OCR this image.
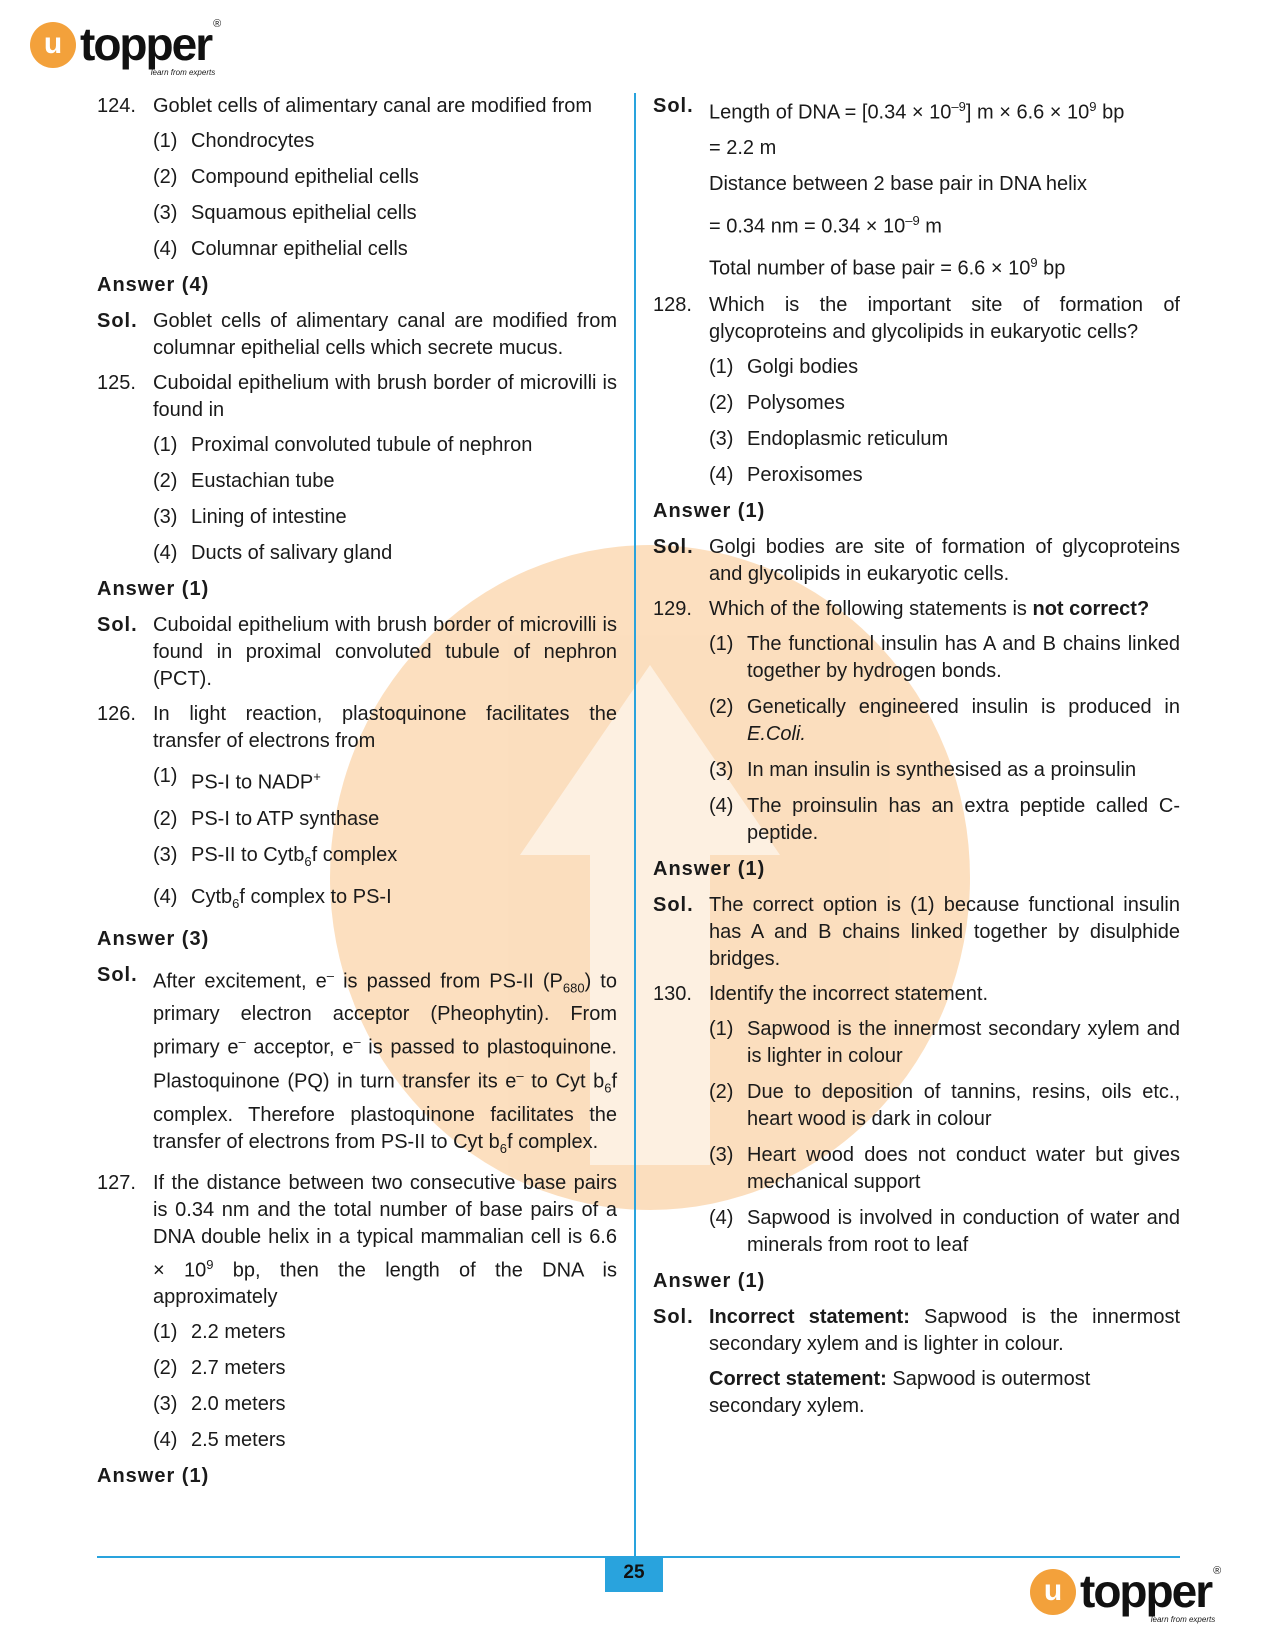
u topper ®
learn from experts
124. Goblet cells of alimentary canal are modified from
(1) Chondrocytes
(2) Compound epithelial cells
(3) Squamous epithelial cells
(4) Columnar epithelial cells
Answer (4)
Sol. Goblet cells of alimentary canal are modified from columnar epithelial cells which secrete mucus.
125. Cuboidal epithelium with brush border of microvilli is found in
(1) Proximal convoluted tubule of nephron
(2) Eustachian tube
(3) Lining of intestine
(4) Ducts of salivary gland
Answer (1)
Sol. Cuboidal epithelium with brush border of microvilli is found in proximal convoluted tubule of nephron (PCT).
126. In light reaction, plastoquinone facilitates the transfer of electrons from
(1) PS-I to NADP+
(2) PS-I to ATP synthase
(3) PS-II to Cytb$_6$f complex
(4) Cytb$_6$f complex to PS-I
Answer (3)
Sol. After excitement, e– is passed from PS-II $(P_{680})$ to primary electron acceptor (Pheophytin). From primary e– acceptor, e– is passed to plastoquinone. Plastoquinone (PQ) in turn transfer its e– to Cyt $b_6f$ complex. Therefore plastoquinone facilitates the transfer of electrons from PS-II to Cyt $b_6f$ complex.
127. If the distance between two consecutive base pairs is 0.34 nm and the total number of base pairs of a DNA double helix in a typical mammalian cell is $6.6 \times 10^9$ bp, then the length of the DNA is approximately
(1) 2.2 meters
(2) 2.7 meters
(3) 2.0 meters
(4) 2.5 meters
Answer (1)
Sol. Length of DNA = $[0.34 \times 10^{-9}]$ $m \times 6.6 \times 10^9$ bp
= 2.2 m
Distance between 2 base pair in DNA helix
= 0.34 nm = $0.34 \times 10^{-9}$ m
Total number of base pair = $6.6 \times 10^9$ bp
128. Which is the important site of formation of glycoproteins and glycolipids in eukaryotic cells?
(1) Golgi bodies
(2) Polysomes
(3) Endoplasmic reticulum
(4) Peroxisomes
Answer (1)
Sol. Golgi bodies are site of formation of glycoproteins and glycolipids in eukaryotic cells.
129. Which of the following statements is not correct?
(1) The functional insulin has A and B chains linked together by hydrogen bonds.
(2) Genetically engineered insulin is produced in E.Coli.
(3) In man insulin is synthesised as a proinsulin
(4) The proinsulin has an extra peptide called C-peptide.
Answer (1)
Sol. The correct option is (1) because functional insulin has A and B chains linked together by disulphide bridges.
130. Identify the incorrect statement.
(1) Sapwood is the innermost secondary xylem and is lighter in colour
(2) Due to deposition of tannins, resins, oils etc., heart wood is dark in colour
(3) Heart wood does not conduct water but gives mechanical support
(4) Sapwood is involved in conduction of water and minerals from root to leaf
Answer (1)
Sol. Incorrect statement: Sapwood is the innermost secondary xylem and is lighter in colour.
Correct statement: Sapwood is outermost secondary xylem.
25
u topper ®
learn from experts
